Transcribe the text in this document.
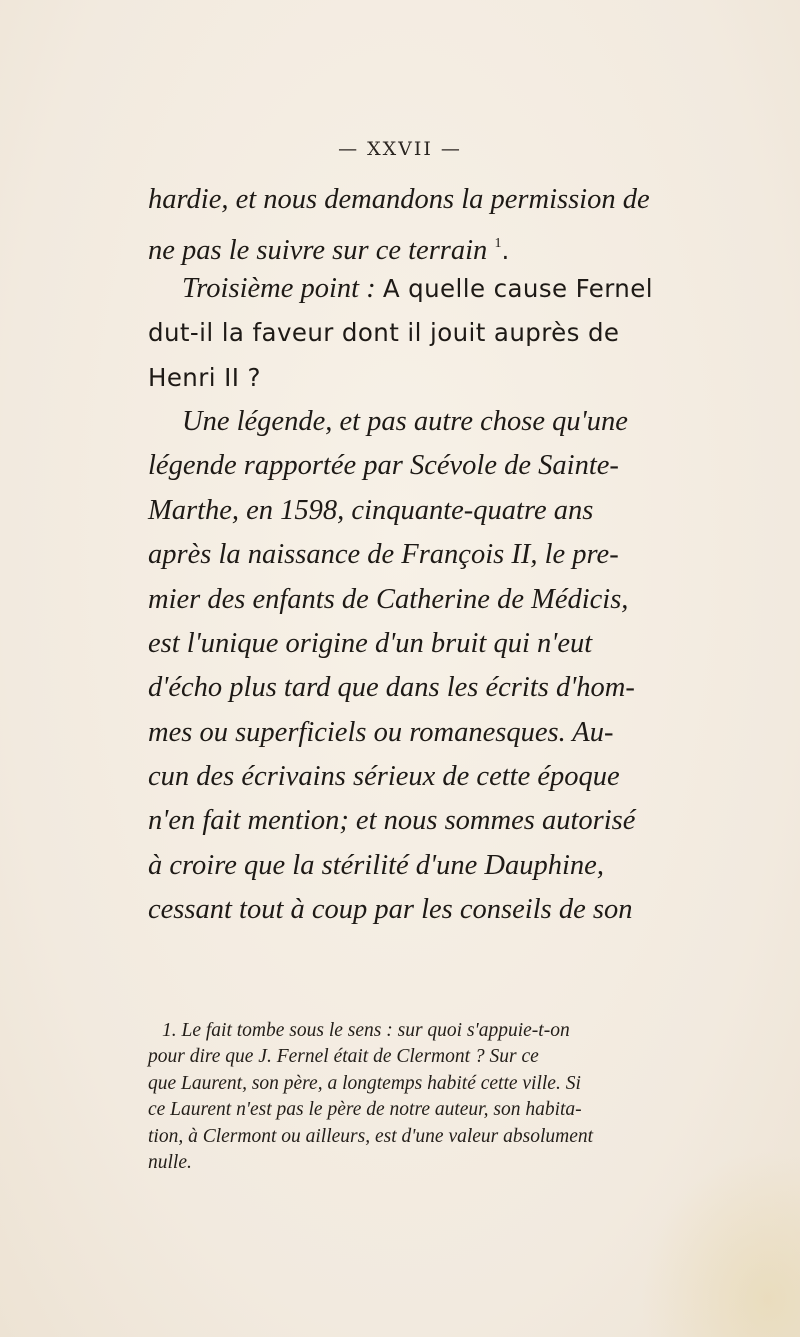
— XXVII —
hardie, et nous demandons la permission de
ne pas le suivre sur ce terrain $^1$.
Troisième point : A quelle cause Fernel
dut-il la faveur dont il jouit auprès de
Henri II ?
Une légende, et pas autre chose qu'une
légende rapportée par Scévole de Sainte-
Marthe, en 1598, cinquante-quatre ans
après la naissance de François II, le pre-
mier des enfants de Catherine de Médicis,
est l'unique origine d'un bruit qui n'eut
d'écho plus tard que dans les écrits d'hom-
mes ou superficiels ou romanesques. Au-
cun des écrivains sérieux de cette époque
n'en fait mention; et nous sommes autorisé
à croire que la stérilité d'une Dauphine,
cessant tout à coup par les conseils de son
1. Le fait tombe sous le sens : sur quoi s'appuie-t-on
pour dire que J. Fernel était de Clermont ? Sur ce
que Laurent, son père, a longtemps habité cette ville. Si
ce Laurent n'est pas le père de notre auteur, son habita-
tion, à Clermont ou ailleurs, est d'une valeur absolument
nulle.
